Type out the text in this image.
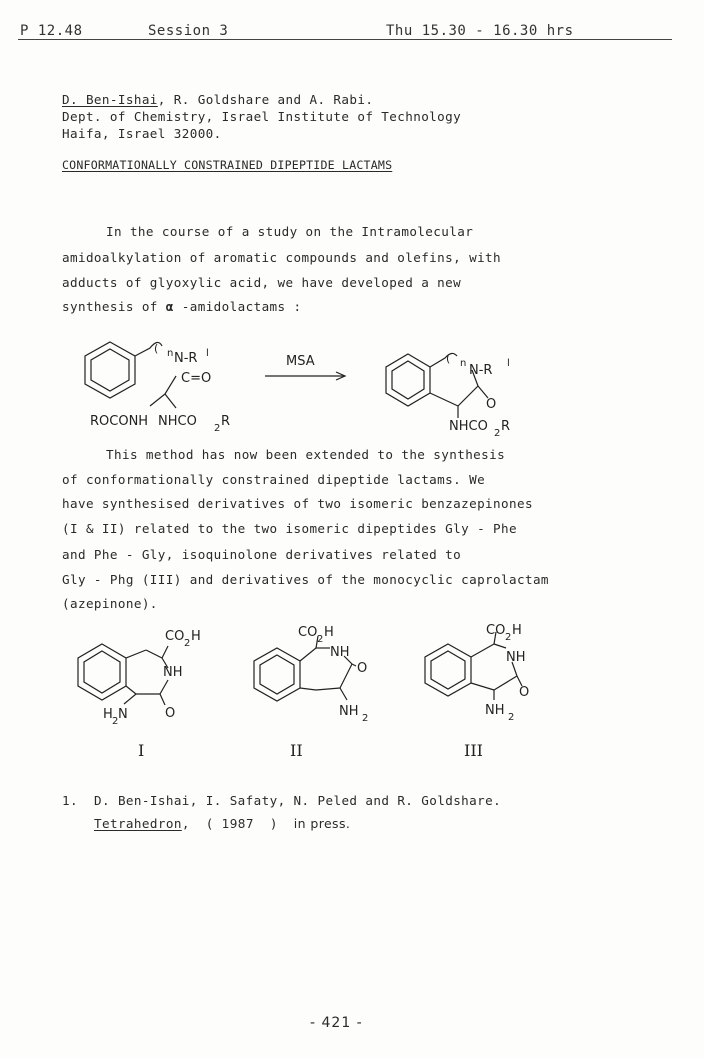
P 12.48	Session 3	Thu 15.30 - 16.30 hrs
D. Ben-Ishai, R. Goldshare and A. Rabi.
Dept. of Chemistry, Israel Institute of Technology
Haifa, Israel 32000.
CONFORMATIONALLY CONSTRAINED DIPEPTIDE LACTAMS
In the course of a study on the Intramolecular
amidoalkylation of aromatic compounds and olefins, with
adducts of glyoxylic acid, we have developed a new
synthesis of α -amidolactams :
( n N-R l
C=O
ROCONH NHCO 2 R
MSA	( n N-R l
O
NHCO 2 R
This method has now been extended to the synthesis
of conformationally constrained dipeptide lactams. We
have synthesised derivatives of two isomeric benzazepinones
(I & II) related to the two isomeric dipeptides Gly - Phe
and Phe - Gly, isoquinolone derivatives related to
Gly - Phg (III) and derivatives of the monocyclic caprolactam
(azepinone).
CO 2 H
NH
O
H 2 N
CO 2 H
NH
O
NH 2
CO 2 H
NH
O
NH 2
I	II	III
1. D. Ben-Ishai, I. Safaty, N. Peled and R. Goldshare.
Tetrahedron,  ( 1987  )  in press.
- 421 -
